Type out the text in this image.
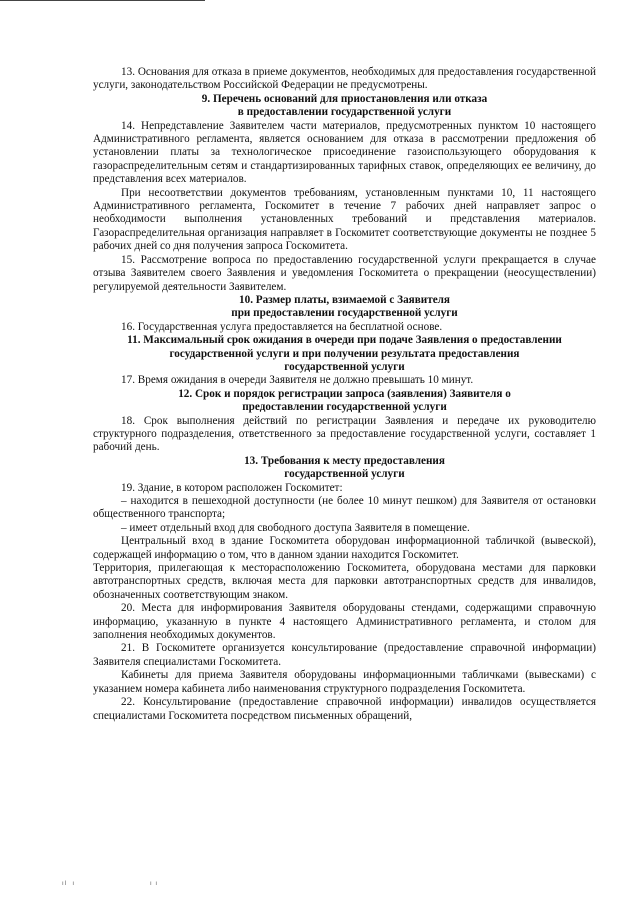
13. Основания для отказа в приеме документов, необходимых для предоставления государственной услуги, законодательством Российской Федерации не предусмотрены.

9. Перечень оснований для приостановления или отказа
в предоставлении государственной услуги

14. Непредставление Заявителем части материалов, предусмотренных пунктом 10 настоящего Административного регламента, является основанием для отказа в рассмотрении предложения об установлении платы за технологическое присоединение газоиспользующего оборудования к газораспределительным сетям и стандартизированных тарифных ставок, определяющих ее величину, до представления всех материалов.

При несоответствии документов требованиям, установленным пунктами 10, 11 настоящего Административного регламента, Госкомитет в течение 7 рабочих дней направляет запрос о необходимости выполнения установленных требований и представления материалов. Газораспределительная организация направляет в Госкомитет соответствующие документы не позднее 5 рабочих дней со дня получения запроса Госкомитета.

15. Рассмотрение вопроса по предоставлению государственной услуги прекращается в случае отзыва Заявителем своего Заявления и уведомления Госкомитета о прекращении (неосуществлении) регулируемой деятельности Заявителем.

10. Размер платы, взимаемой с Заявителя
при предоставлении государственной услуги

16. Государственная услуга предоставляется на бесплатной основе.

11. Максимальный срок ожидания в очереди при подаче Заявления о предоставлении
государственной услуги и при получении результата предоставления
государственной услуги

17. Время ожидания в очереди Заявителя не должно превышать 10 минут.

12. Срок и порядок регистрации запроса (заявления) Заявителя о
предоставлении государственной услуги

18. Срок выполнения действий по регистрации Заявления и передаче их руководителю структурного подразделения, ответственного за предоставление государственной услуги, составляет 1 рабочий день.

13. Требования к месту предоставления
государственной услуги

19. Здание, в котором расположен Госкомитет:

– находится в пешеходной доступности (не более 10 минут пешком) для Заявителя от остановки общественного транспорта;

– имеет отдельный вход для свободного доступа Заявителя в помещение.

Центральный вход в здание Госкомитета оборудован информационной табличкой (вывеской), содержащей информацию о том, что в данном здании находится Госкомитет.

Территория, прилегающая к месторасположению Госкомитета, оборудована местами для парковки автотранспортных средств, включая места для парковки автотранспортных средств для инвалидов, обозначенных соответствующим знаком.

20. Места для информирования Заявителя оборудованы стендами, содержащими справочную информацию, указанную в пункте 4 настоящего Административного регламента, и столом для заполнения необходимых документов.

21. В Госкомитете организуется консультирование (предоставление справочной информации) Заявителя специалистами Госкомитета.

Кабинеты для приема Заявителя оборудованы информационными табличками (вывесками) с указанием номера кабинета либо наименования структурного подразделения Госкомитета.

22. Консультирование (предоставление справочной информации) инвалидов осуществляется специалистами Госкомитета посредством письменных обращений,

ıl  ı	ı ı
